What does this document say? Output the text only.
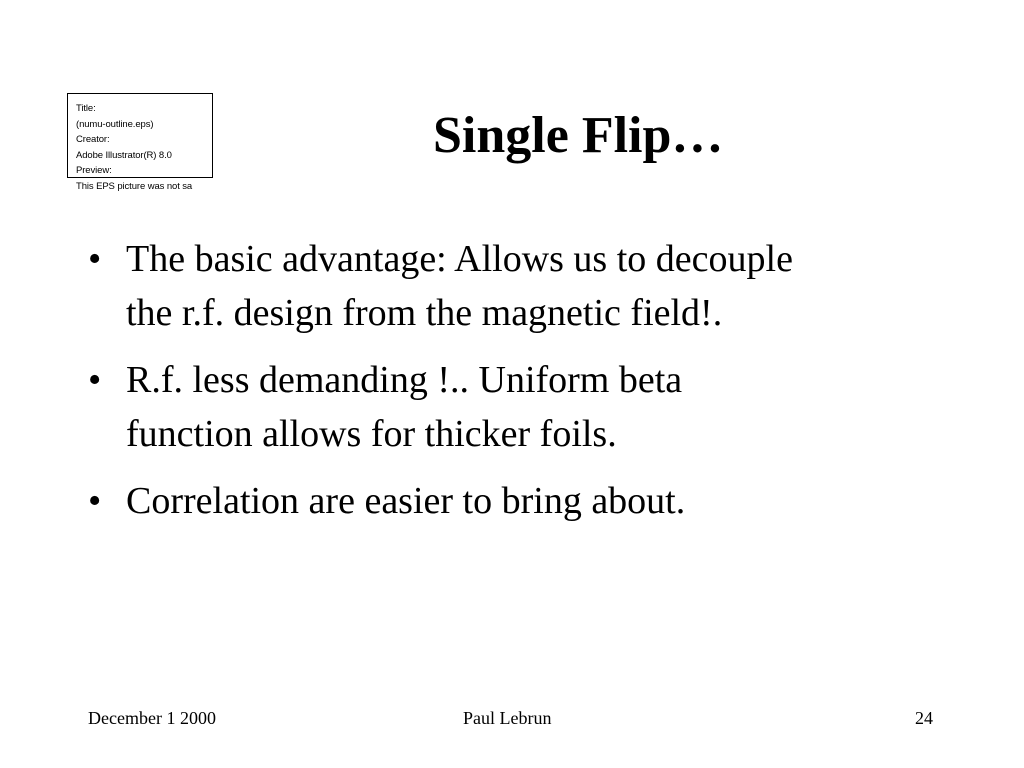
Title:
(numu-outline.eps)
Creator:
Adobe Illustrator(R) 8.0
Preview:
This EPS picture was not sa
Single Flip…
• The basic advantage: Allows us to decouple
the r.f. design from the magnetic field!.
• R.f. less demanding !.. Uniform beta
function allows for thicker foils.
• Correlation are easier to bring about.
December 1 2000	Paul Lebrun	24
